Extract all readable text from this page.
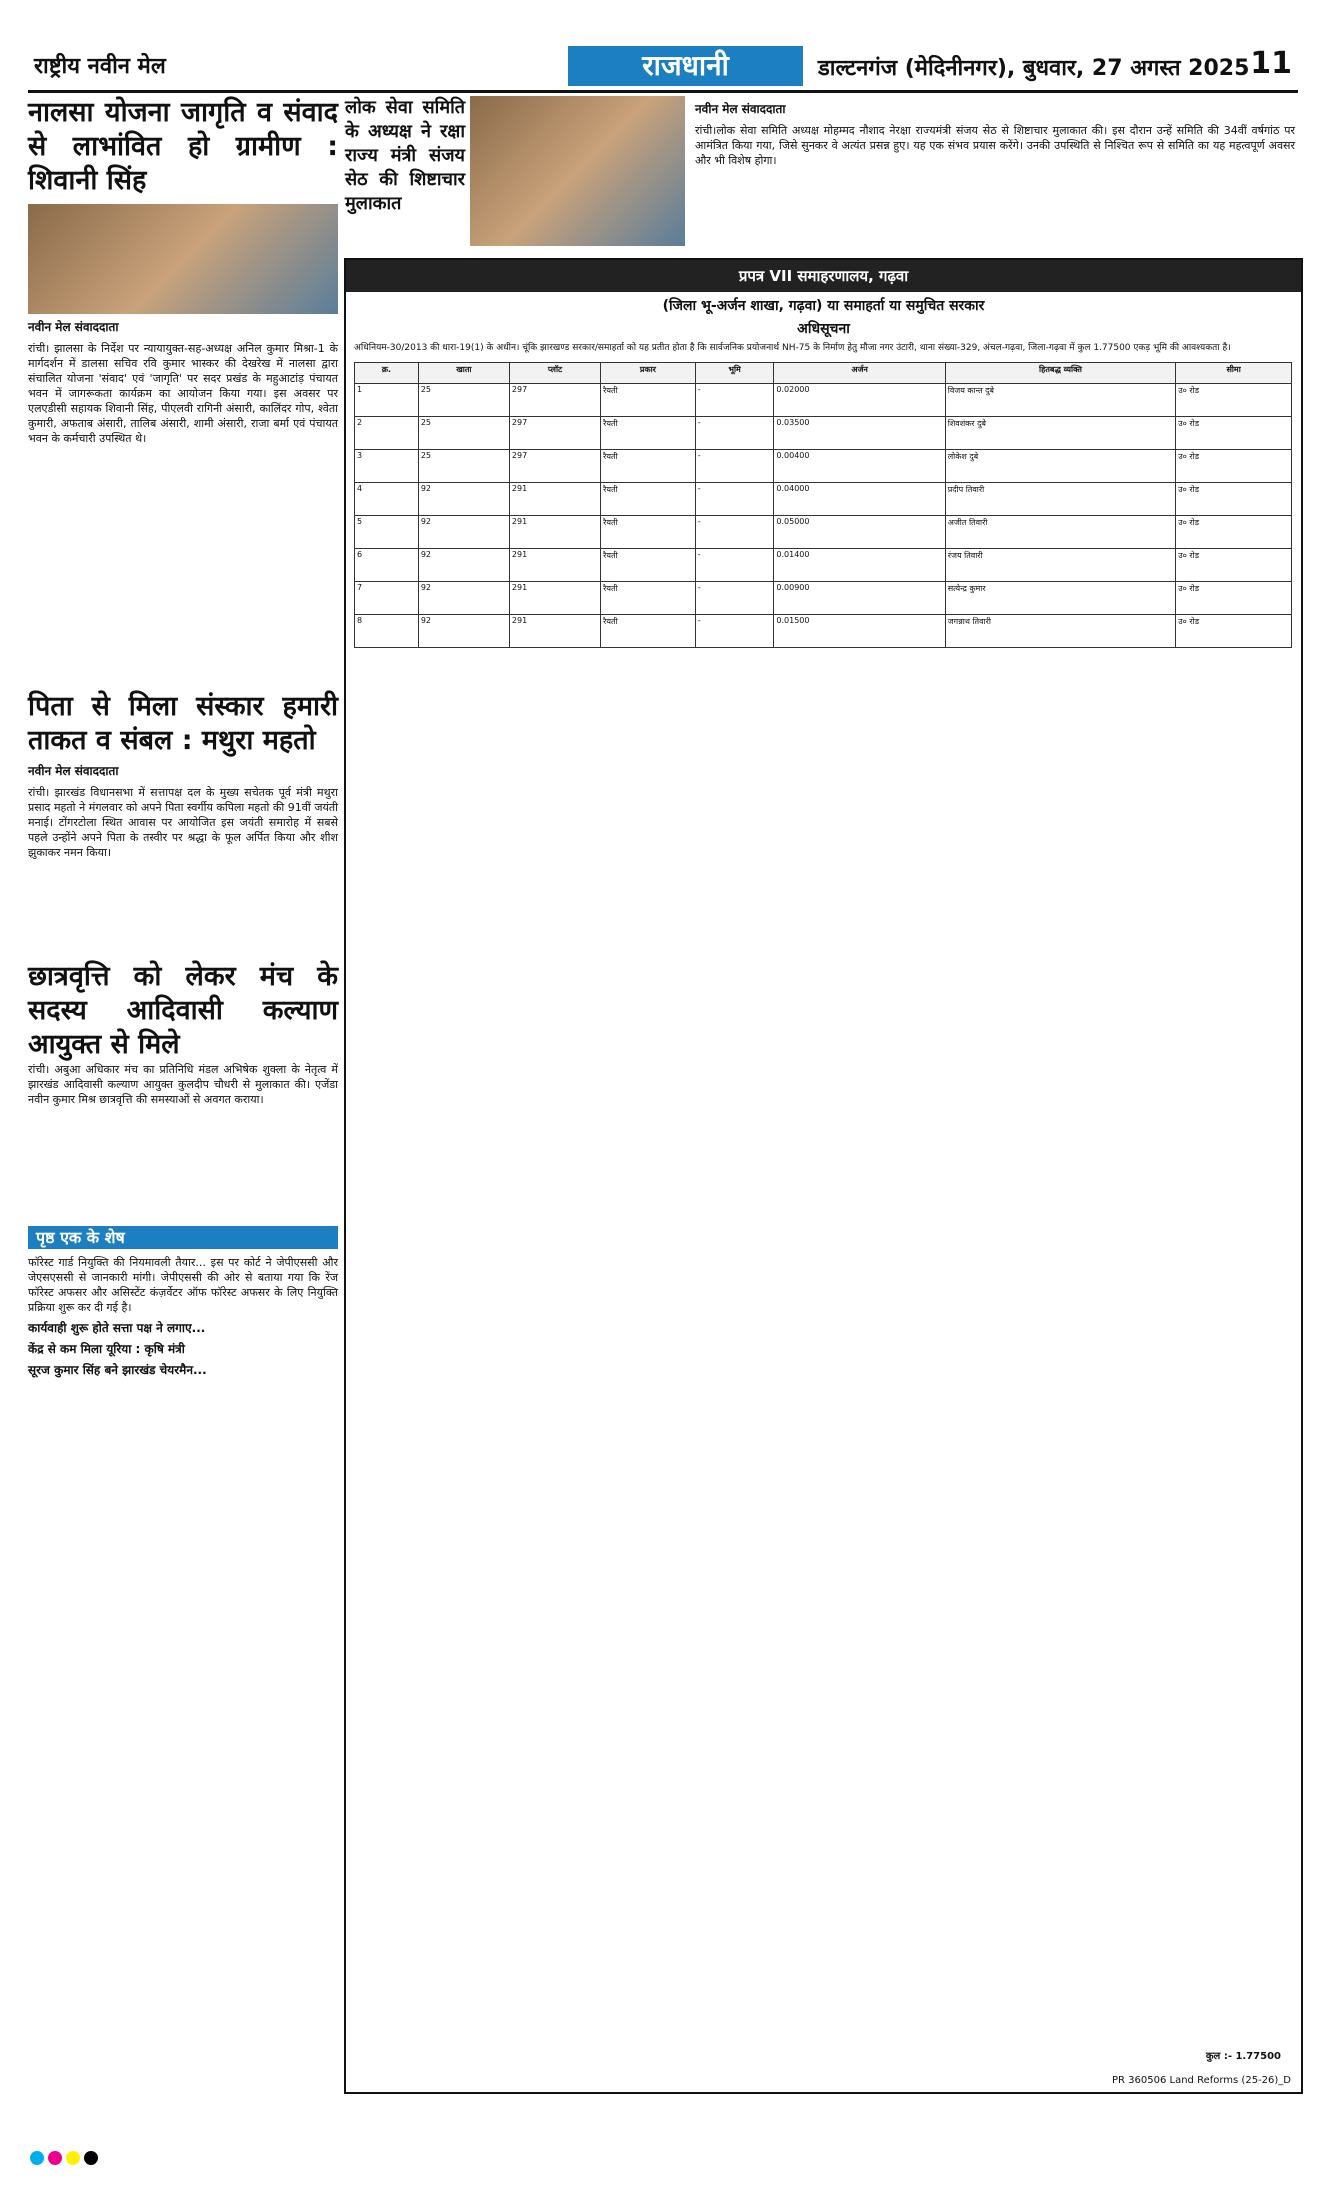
राष्ट्रीय नवीन मेल	राजधानी	डाल्टनगंज (मेदिनीनगर), बुधवार, 27 अगस्त 2025 11
नालसा योजना जागृति व संवाद से लाभांवित हो ग्रामीण : शिवानी सिंह
नवीन मेल संवाददाता
रांची। झालसा के निर्देश पर न्यायायुक्त-सह-अध्यक्ष अनिल कुमार मिश्रा-1 के मार्गदर्शन में डालसा सचिव रवि कुमार भास्कर की देखरेख में नालसा द्वारा संचालित योजना 'संवाद' एवं 'जागृति' पर सदर प्रखंड के महुआटांड़ पंचायत भवन में जागरूकता कार्यक्रम का आयोजन किया गया। इस अवसर पर एलएडीसी सहायक शिवानी सिंह, पीएलवी रागिनी अंसारी, कालिंदर गोप, श्वेता कुमारी, अफताब अंसारी, तालिब अंसारी, शामी अंसारी, राजा बर्मा एवं पंचायत भवन के कर्मचारी उपस्थित थे।
लोक सेवा समिति के अध्यक्ष ने रक्षा राज्य मंत्री संजय सेठ की शिष्टाचार मुलाकात
नवीन मेल संवाददाता
रांची।लोक सेवा समिति अध्यक्ष मोहम्मद नौशाद नेरक्षा राज्यमंत्री संजय सेठ से शिष्टाचार मुलाकात की। इस दौरान उन्हें समिति की 34वीं वर्षगांठ पर आमंत्रित किया गया, जिसे सुनकर वे अत्यंत प्रसन्न हुए। यह एक संभव प्रयास करेंगे। उनकी उपस्थिति से निश्चित रूप से समिति का यह महत्वपूर्ण अवसर और भी विशेष होगा।
पिता से मिला संस्कार हमारी ताकत व संबल : मथुरा महतो
नवीन मेल संवाददाता
रांची। झारखंड विधानसभा में सत्तापक्ष दल के मुख्य सचेतक पूर्व मंत्री मथुरा प्रसाद महतो ने मंगलवार को अपने पिता स्वर्गीय कपिला महतो की 91वीं जयंती मनाई। टोंगरटोला स्थित आवास पर आयोजित इस जयंती समारोह में सबसे पहले उन्होंने अपने पिता के तस्वीर पर श्रद्धा के फूल अर्पित किया और शीश झुकाकर नमन किया।
छात्रवृत्ति को लेकर मंच के सदस्य आदिवासी कल्याण आयुक्त से मिले
रांची। अबुआ अधिकार मंच का प्रतिनिधि मंडल अभिषेक शुक्ला के नेतृत्व में झारखंड आदिवासी कल्याण आयुक्त कुलदीप चौधरी से मुलाकात की। एजेंडा नवीन कुमार मिश्र छात्रवृत्ति की समस्याओं से अवगत कराया।
पृष्ठ एक के शेष
फॉरेस्ट गार्ड नियुक्ति की नियमावली तैयार... इस पर कोर्ट ने जेपीएससी और जेएसएससी से जानकारी मांगी। जेपीएससी की ओर से बताया गया कि रेंज फॉरेस्ट अफसर और असिस्टेंट कंज़र्वेटर ऑफ फॉरेस्ट अफसर के लिए नियुक्ति प्रक्रिया शुरू कर दी गई है।
कार्यवाही शुरू होते सत्ता पक्ष ने लगाए...
केंद्र से कम मिला यूरिया : कृषि मंत्री
सूरज कुमार सिंह बने झारखंड चेयरमैन...
प्रपत्र VII समाहरणालय, गढ़वा
(जिला भू-अर्जन शाखा, गढ़वा) या समाहर्ता या समुचित सरकार
अधिसूचना
अधिनियम-30/2013 की धारा-19(1) के अधीन। चूंकि झारखण्ड सरकार/समाहर्ता को यह प्रतीत होता है कि सार्वजनिक प्रयोजनार्थ NH-75 के निर्माण हेतु मौजा नगर उंटारी, थाना संख्या-329, अंचल-गढ़वा, जिला-गढ़वा में कुल 1.77500 एकड़ भूमि की आवश्यकता है।
क्र.	खाता	प्लॉट	प्रकार	भूमि	अर्जन	हितबद्ध व्यक्ति	सीमा
1	25	297	रैयती	-	0.02000	विजय कान्त दुबे	उ० रोड
2	25	297	रैयती	-	0.03500	शिवशंकर दुबे	उ० रोड
3	25	297	रैयती	-	0.00400	लोकेश दुबे	उ० रोड
4	92	291	रैयती	-	0.04000	प्रदीप तिवारी	उ० रोड
5	92	291	रैयती	-	0.05000	अजीत तिवारी	उ० रोड
6	92	291	रैयती	-	0.01400	रंजय तिवारी	उ० रोड
7	92	291	रैयती	-	0.00900	सत्येन्द्र कुमार	उ० रोड
8	92	291	रैयती	-	0.01500	जगन्नाथ तिवारी	उ० रोड
कुल :- 1.77500
PR 360506 Land Reforms (25-26)_D
